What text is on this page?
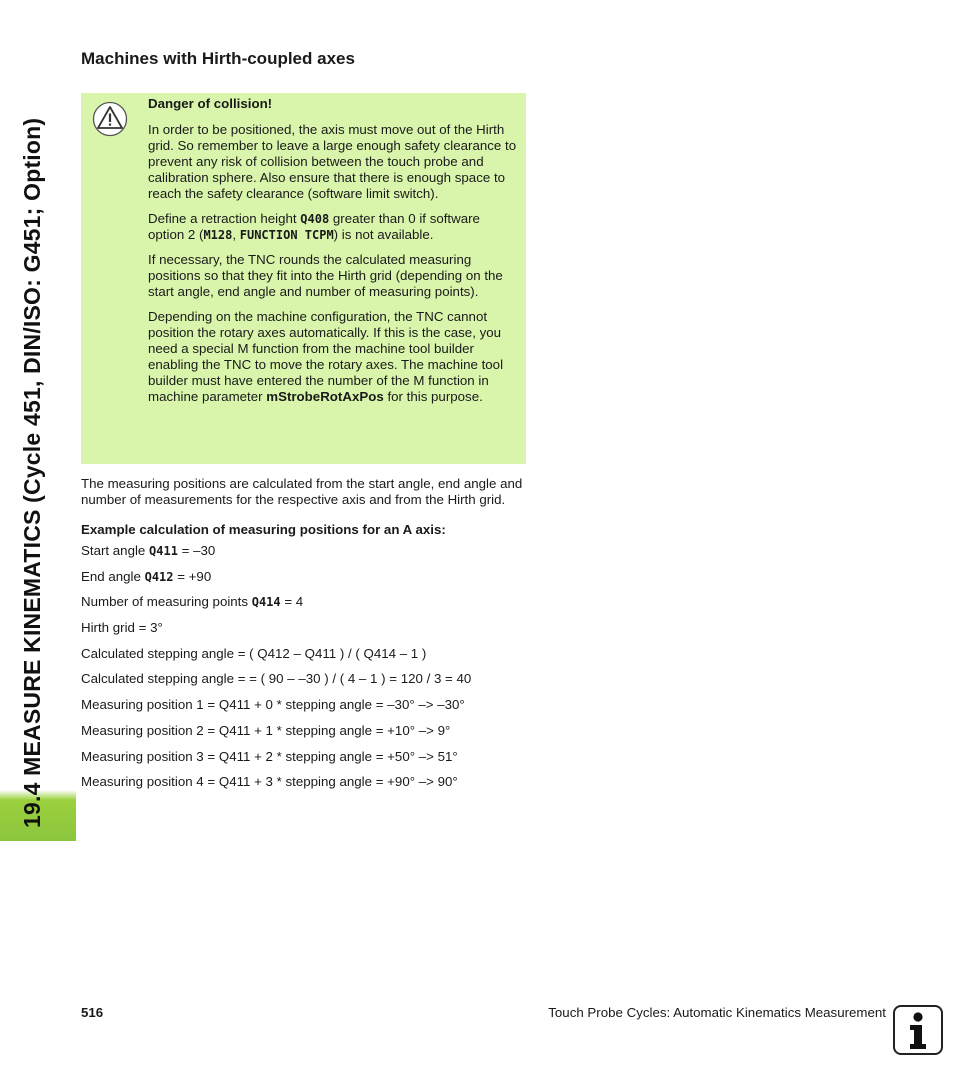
19.4 MEASURE KINEMATICS (Cycle 451, DIN/ISO: G451; Option)
Machines with Hirth-coupled axes

Danger of collision!

In order to be positioned, the axis must move out of the Hirth grid. So remember to leave a large enough safety clearance to prevent any risk of collision between the touch probe and calibration sphere. Also ensure that there is enough space to reach the safety clearance (software limit switch).

Define a retraction height Q408 greater than 0 if software option 2 (M128, FUNCTION TCPM) is not available.

If necessary, the TNC rounds the calculated measuring positions so that they fit into the Hirth grid (depending on the start angle, end angle and number of measuring points).

Depending on the machine configuration, the TNC cannot position the rotary axes automatically. If this is the case, you need a special M function from the machine tool builder enabling the TNC to move the rotary axes. The machine tool builder must have entered the number of the M function in machine parameter mStrobeRotAxPos for this purpose.

The measuring positions are calculated from the start angle, end angle and number of measurements for the respective axis and from the Hirth grid.

Example calculation of measuring positions for an A axis:

Start angle Q411 = –30

End angle Q412 = +90

Number of measuring points Q414 = 4

Hirth grid = 3°

Calculated stepping angle = ( Q412 – Q411 ) / ( Q414 – 1 )

Calculated stepping angle = = ( 90 – –30 ) / ( 4 – 1 ) = 120 / 3 = 40

Measuring position 1 = Q411 + 0 * stepping angle = –30° –> –30°

Measuring position 2 = Q411 + 1 * stepping angle = +10° –> 9°

Measuring position 3 = Q411 + 2 * stepping angle = +50° –> 51°

Measuring position 4 = Q411 + 3 * stepping angle = +90° –> 90°

516	Touch Probe Cycles: Automatic Kinematics Measurement
